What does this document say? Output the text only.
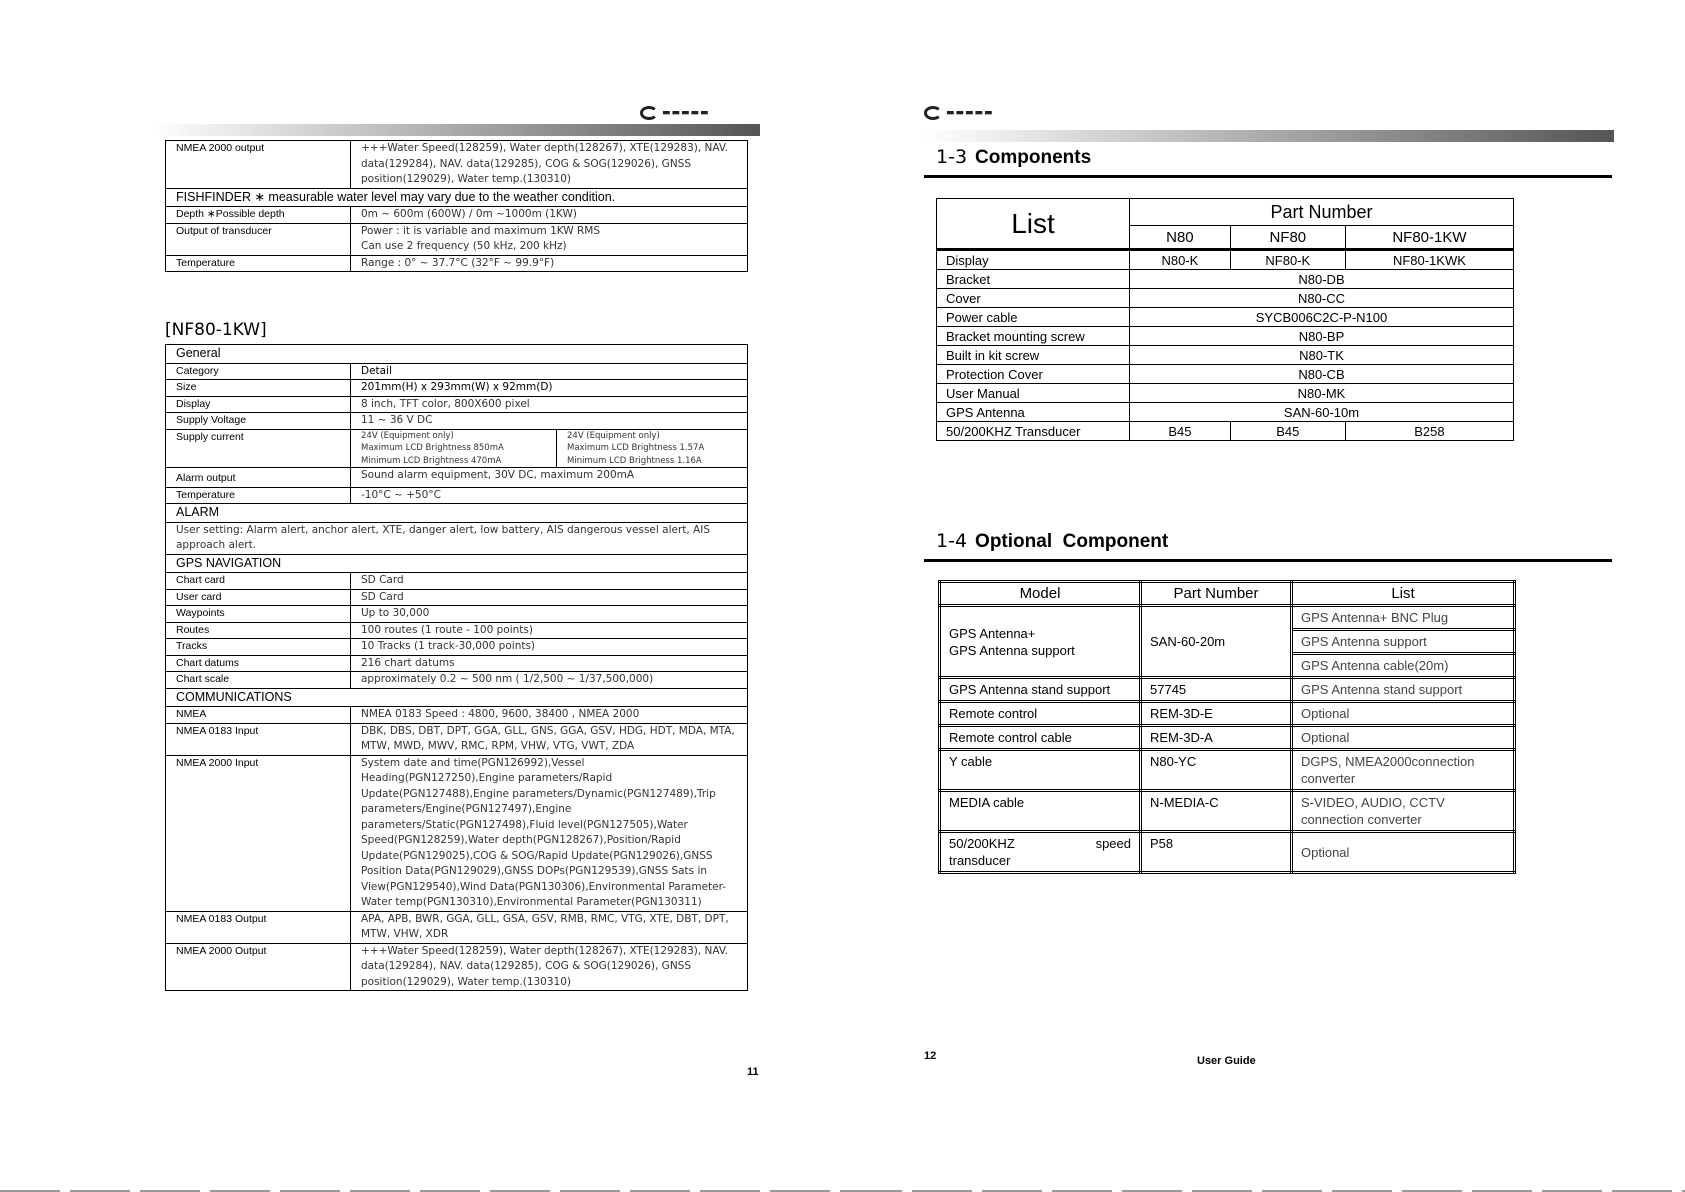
▬▬▬▬▬
NMEA 2000 output	+++Water Speed(128259), Water depth(128267), XTE(129283), NAV. data(129284), NAV. data(129285), COG & SOG(129026), GNSS position(129029), Water temp.(130310)
FISHFINDER ∗ measurable water level may vary due to the weather condition.	
Depth ∗Possible depth	0m ~ 600m (600W) / 0m ~1000m (1KW)
Output of transducer	Power : it is variable and maximum 1KW RMS
Can use 2 frequency (50 kHz, 200 kHz)
Temperature	Range : 0° ~ 37.7°C (32°F ~ 99.9°F)
[NF80-1KW]
General		
Category	Detail	
Size	201mm(H) x 293mm(W) x 92mm(D)	
Display	8 inch, TFT color, 800X600 pixel	
Supply Voltage	11 ~ 36 V DC	
Supply current	24V (Equipment only)
Maximum LCD Brightness 850mA
Minimum LCD Brightness 470mA	24V (Equipment only)
Maximum LCD Brightness 1.57A
Minimum LCD Brightness 1.16A
Alarm output	Sound alarm equipment, 30V DC, maximum 200mA	
Temperature	-10°C ~ +50°C	
ALARM		
User setting: Alarm alert, anchor alert, XTE, danger alert, low battery, AIS dangerous vessel alert, AIS approach alert.		
GPS NAVIGATION		
Chart card	SD Card	
User card	SD Card	
Waypoints	Up to 30,000	
Routes	100 routes (1 route - 100 points)	
Tracks	10 Tracks (1 track-30,000 points)	
Chart datums	216 chart datums	
Chart scale	approximately 0.2 ~ 500 nm ( 1/2,500 ~ 1/37,500,000)	
COMMUNICATIONS		
NMEA	NMEA 0183 Speed : 4800, 9600, 38400 , NMEA 2000	
NMEA 0183 Input	DBK, DBS, DBT, DPT, GGA, GLL, GNS, GGA, GSV, HDG, HDT, MDA, MTA, MTW, MWD, MWV, RMC, RPM, VHW, VTG, VWT, ZDA	
NMEA 2000 Input	System date and time(PGN126992),Vessel Heading(PGN127250),Engine parameters/Rapid Update(PGN127488),Engine parameters/Dynamic(PGN127489),Trip parameters/Engine(PGN127497),Engine parameters/Static(PGN127498),Fluid level(PGN127505),Water Speed(PGN128259),Water depth(PGN128267),Position/Rapid Update(PGN129025),COG & SOG/Rapid Update(PGN129026),GNSS Position Data(PGN129029),GNSS DOPs(PGN129539),GNSS Sats in View(PGN129540),Wind Data(PGN130306),Environmental Parameter-Water temp(PGN130310),Environmental Parameter(PGN130311)	
NMEA 0183 Output	APA, APB, BWR, GGA, GLL, GSA, GSV, RMB, RMC, VTG, XTE, DBT, DPT, MTW, VHW, XDR	
NMEA 2000 Output	+++Water Speed(128259), Water depth(128267), XTE(129283), NAV. data(129284), NAV. data(129285), COG & SOG(129026), GNSS position(129029), Water temp.(130310)	
11
▬▬▬▬▬
1-3 Components
List	Part Number		
	N80	NF80	NF80-1KW
Display	N80-K	NF80-K	NF80-1KWK
Bracket	N80-DB		
Cover	N80-CC		
Power cable	SYCB006C2C-P-N100		
Bracket mounting screw	N80-BP		
Built in kit screw	N80-TK		
Protection Cover	N80-CB		
User Manual	N80-MK		
GPS Antenna	SAN-60-10m		
50/200KHZ Transducer	B45	B45	B258
1-4 Optional  Component
Model	Part Number	List
GPS Antenna+
GPS Antenna support	SAN-60-20m	GPS Antenna+ BNC Plug
		GPS Antenna support
		GPS Antenna cable(20m)
GPS Antenna stand support	57745	GPS Antenna stand support
Remote control	REM-3D-E	Optional
Remote control cable	REM-3D-A	Optional
Y cable	N80-YC	DGPS, NMEA2000connection converter
MEDIA cable	N-MEDIA-C	S-VIDEO, AUDIO, CCTV connection converter

50/200KHZ speed
transducer	P58	Optional
12	User Guide
